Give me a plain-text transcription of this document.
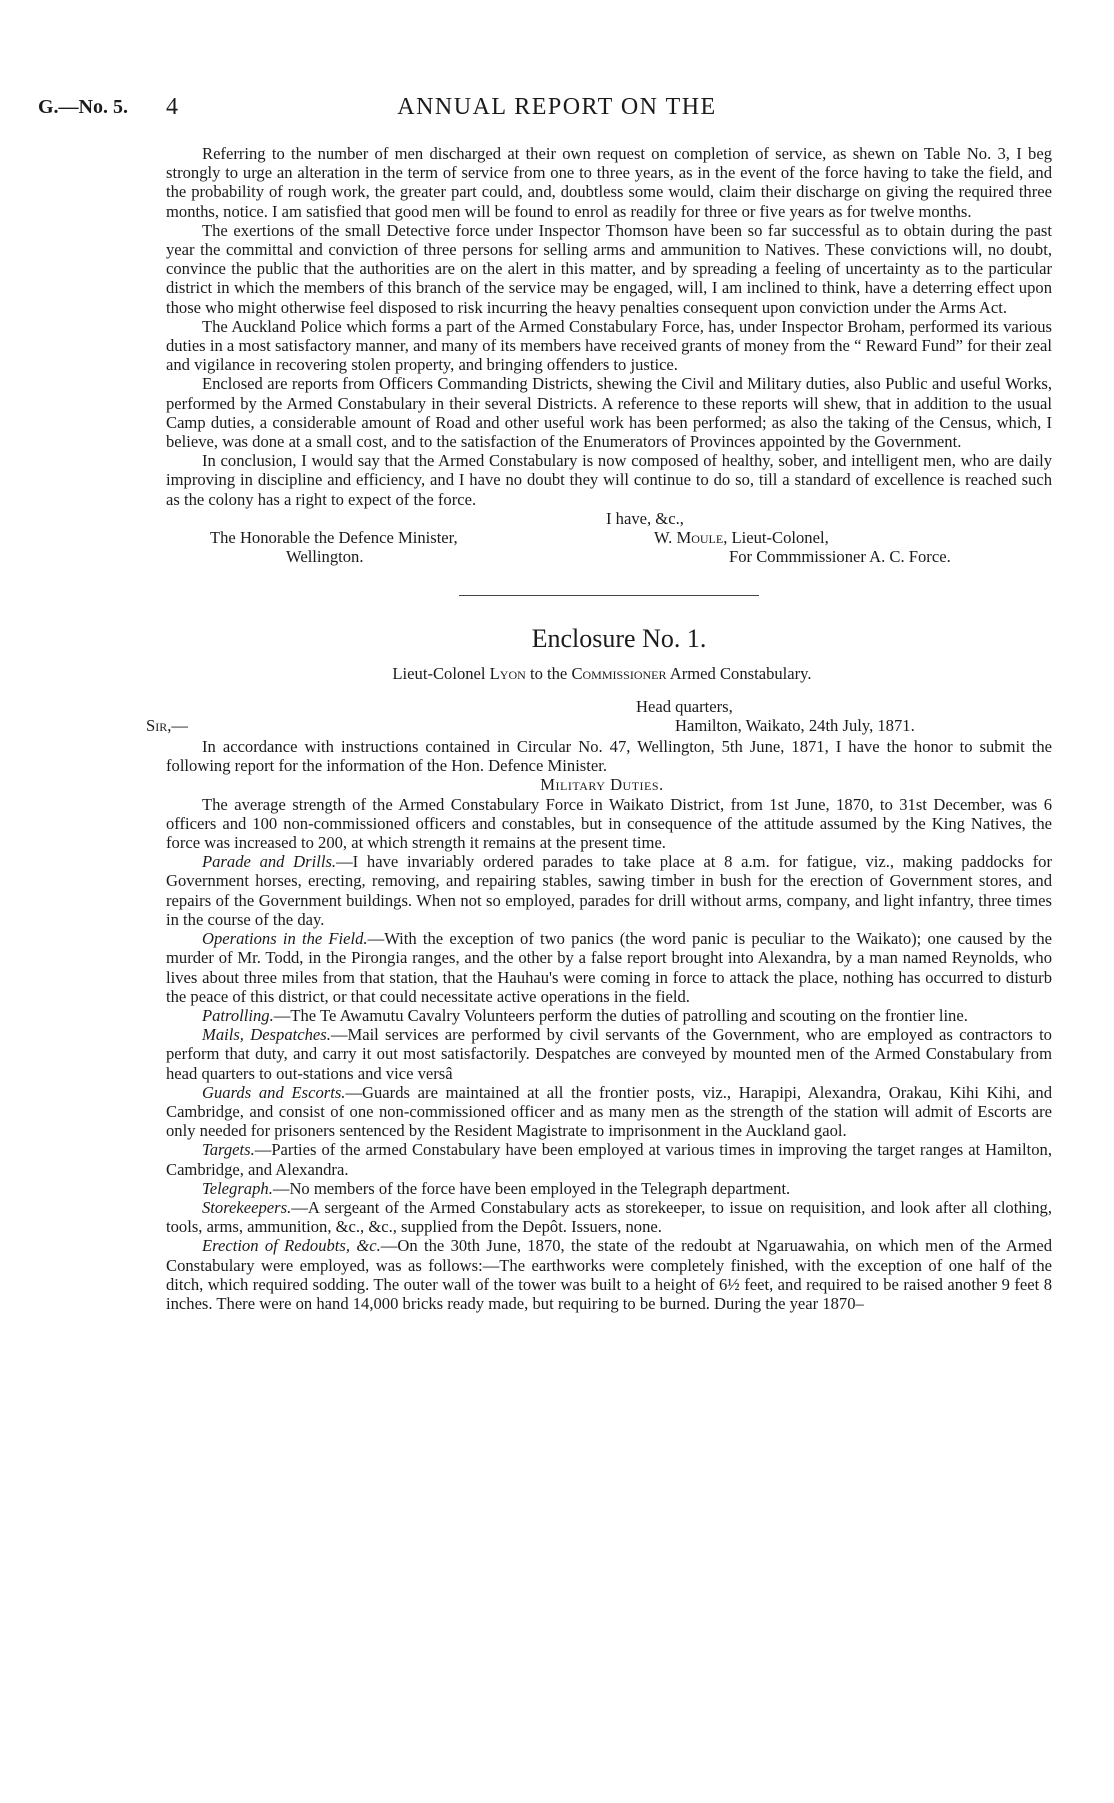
G.—No. 5. 4	ANNUAL REPORT ON THE

Referring to the number of men discharged at their own request on completion of service, as shewn on Table No. 3, I beg strongly to urge an alteration in the term of service from one to three years, as in the event of the force having to take the field, and the probability of rough work, the greater part could, and, doubtless some would, claim their discharge on giving the required three months, notice. I am satisfied that good men will be found to enrol as readily for three or five years as for twelve months.

The exertions of the small Detective force under Inspector Thomson have been so far successful as to obtain during the past year the committal and conviction of three persons for selling arms and ammunition to Natives. These convictions will, no doubt, convince the public that the authorities are on the alert in this matter, and by spreading a feeling of uncertainty as to the particular district in which the members of this branch of the service may be engaged, will, I am inclined to think, have a deterring effect upon those who might otherwise feel disposed to risk incurring the heavy penalties consequent upon conviction under the Arms Act.

The Auckland Police which forms a part of the Armed Constabulary Force, has, under Inspector Broham, performed its various duties in a most satisfactory manner, and many of its members have received grants of money from the “ Reward Fund” for their zeal and vigilance in recovering stolen property, and bringing offenders to justice.

Enclosed are reports from Officers Commanding Districts, shewing the Civil and Military duties, also Public and useful Works, performed by the Armed Constabulary in their several Districts. A reference to these reports will shew, that in addition to the usual Camp duties, a considerable amount of Road and other useful work has been performed; as also the taking of the Census, which, I believe, was done at a small cost, and to the satisfaction of the Enumerators of Provinces appointed by the Government.

In conclusion, I would say that the Armed Constabulary is now composed of healthy, sober, and intelligent men, who are daily improving in discipline and efficiency, and I have no doubt they will continue to do so, till a standard of excellence is reached such as the colony has a right to expect of the force.

I have, &c.,
The Honorable the Defence Minister,
Wellington.
W. Moule, Lieut-Colonel,
For Commmissioner A. C. Force.
Enclosure No. 1.
Lieut-Colonel Lyon to the Commissioner Armed Constabulary.
Head quarters,
Sir,—	Hamilton, Waikato, 24th July, 1871.

In accordance with instructions contained in Circular No. 47, Wellington, 5th June, 1871, I have the honor to submit the following report for the information of the Hon. Defence Minister.

Military Duties.

The average strength of the Armed Constabulary Force in Waikato District, from 1st June, 1870, to 31st December, was 6 officers and 100 non-commissioned officers and constables, but in consequence of the attitude assumed by the King Natives, the force was increased to 200, at which strength it remains at the present time.

Parade and Drills.—I have invariably ordered parades to take place at 8 a.m. for fatigue, viz., making paddocks for Government horses, erecting, removing, and repairing stables, sawing timber in bush for the erection of Government stores, and repairs of the Government buildings. When not so employed, parades for drill without arms, company, and light infantry, three times in the course of the day.

Operations in the Field.—With the exception of two panics (the word panic is peculiar to the Waikato); one caused by the murder of Mr. Todd, in the Pirongia ranges, and the other by a false report brought into Alexandra, by a man named Reynolds, who lives about three miles from that station, that the Hauhau's were coming in force to attack the place, nothing has occurred to disturb the peace of this district, or that could necessitate active operations in the field.

Patrolling.—The Te Awamutu Cavalry Volunteers perform the duties of patrolling and scouting on the frontier line.

Mails, Despatches.—Mail services are performed by civil servants of the Government, who are employed as contractors to perform that duty, and carry it out most satisfactorily. Despatches are conveyed by mounted men of the Armed Constabulary from head quarters to out-stations and vice versâ

Guards and Escorts.—Guards are maintained at all the frontier posts, viz., Harapipi, Alexandra, Orakau, Kihi Kihi, and Cambridge, and consist of one non-commissioned officer and as many men as the strength of the station will admit of Escorts are only needed for prisoners sentenced by the Resident Magistrate to imprisonment in the Auckland gaol.

Targets.—Parties of the armed Constabulary have been employed at various times in improving the target ranges at Hamilton, Cambridge, and Alexandra.

Telegraph.—No members of the force have been employed in the Telegraph department.

Storekeepers.—A sergeant of the Armed Constabulary acts as storekeeper, to issue on requisition, and look after all clothing, tools, arms, ammunition, &c., &c., supplied from the Depôt. Issuers, none.

Erection of Redoubts, &c.—On the 30th June, 1870, the state of the redoubt at Ngaruawahia, on which men of the Armed Constabulary were employed, was as follows:—The earthworks were completely finished, with the exception of one half of the ditch, which required sodding. The outer wall of the tower was built to a height of 6½ feet, and required to be raised another 9 feet 8 inches. There were on hand 14,000 bricks ready made, but requiring to be burned. During the year 1870–
